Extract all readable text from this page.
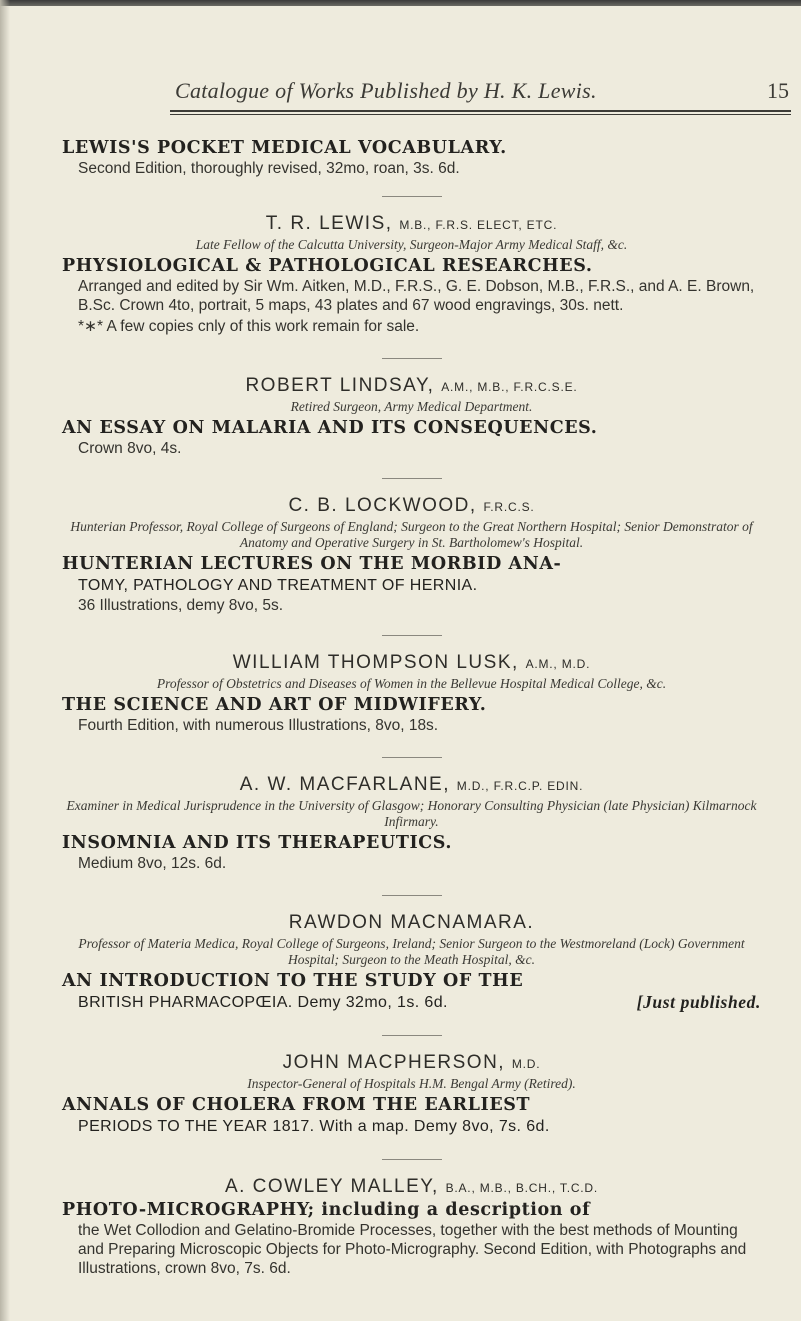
Catalogue of Works Published by H. K. Lewis.	15

LEWIS'S POCKET MEDICAL VOCABULARY.

Second Edition, thoroughly revised, 32mo, roan, 3s. 6d.

T. R. LEWIS, M.B., F.R.S. ELECT, ETC.

Late Fellow of the Calcutta University, Surgeon-Major Army Medical Staff, &c.

PHYSIOLOGICAL & PATHOLOGICAL RESEARCHES.

Arranged and edited by Sir Wm. Aitken, M.D., F.R.S., G. E. Dobson, M.B., F.R.S., and A. E. Brown, B.Sc. Crown 4to, portrait, 5 maps, 43 plates and 67 wood engravings, 30s. nett.

*∗* A few copies cnly of this work remain for sale.

ROBERT LINDSAY, A.M., M.B., F.R.C.S.E.

Retired Surgeon, Army Medical Department.

AN ESSAY ON MALARIA AND ITS CONSEQUENCES.

Crown 8vo, 4s.

C. B. LOCKWOOD, F.R.C.S.

Hunterian Professor, Royal College of Surgeons of England; Surgeon to the Great Northern Hospital; Senior Demonstrator of Anatomy and Operative Surgery in St. Bartholomew's Hospital.

HUNTERIAN LECTURES ON THE MORBID ANA-

TOMY, PATHOLOGY AND TREATMENT OF HERNIA.

36 Illustrations, demy 8vo, 5s.

WILLIAM THOMPSON LUSK, A.M., M.D.

Professor of Obstetrics and Diseases of Women in the Bellevue Hospital Medical College, &c.

THE SCIENCE AND ART OF MIDWIFERY.

Fourth Edition, with numerous Illustrations, 8vo, 18s.

A. W. MACFARLANE, M.D., F.R.C.P. EDIN.

Examiner in Medical Jurisprudence in the University of Glasgow; Honorary Consulting Physician (late Physician) Kilmarnock Infirmary.

INSOMNIA AND ITS THERAPEUTICS.

Medium 8vo, 12s. 6d.

RAWDON MACNAMARA.

Professor of Materia Medica, Royal College of Surgeons, Ireland; Senior Surgeon to the Westmoreland (Lock) Government Hospital; Surgeon to the Meath Hospital, &c.

AN INTRODUCTION TO THE STUDY OF THE

BRITISH PHARMACOPŒIA. Demy 32mo, 1s. 6d.	[Just published.

JOHN MACPHERSON, M.D.

Inspector-General of Hospitals H.M. Bengal Army (Retired).

ANNALS OF CHOLERA FROM THE EARLIEST

PERIODS TO THE YEAR 1817. With a map. Demy 8vo, 7s. 6d.

A. COWLEY MALLEY, B.A., M.B., B.CH., T.C.D.

PHOTO-MICROGRAPHY; including a description of

the Wet Collodion and Gelatino-Bromide Processes, together with the best methods of Mounting and Preparing Microscopic Objects for Photo-Micrography. Second Edition, with Photographs and Illustrations, crown 8vo, 7s. 6d.
